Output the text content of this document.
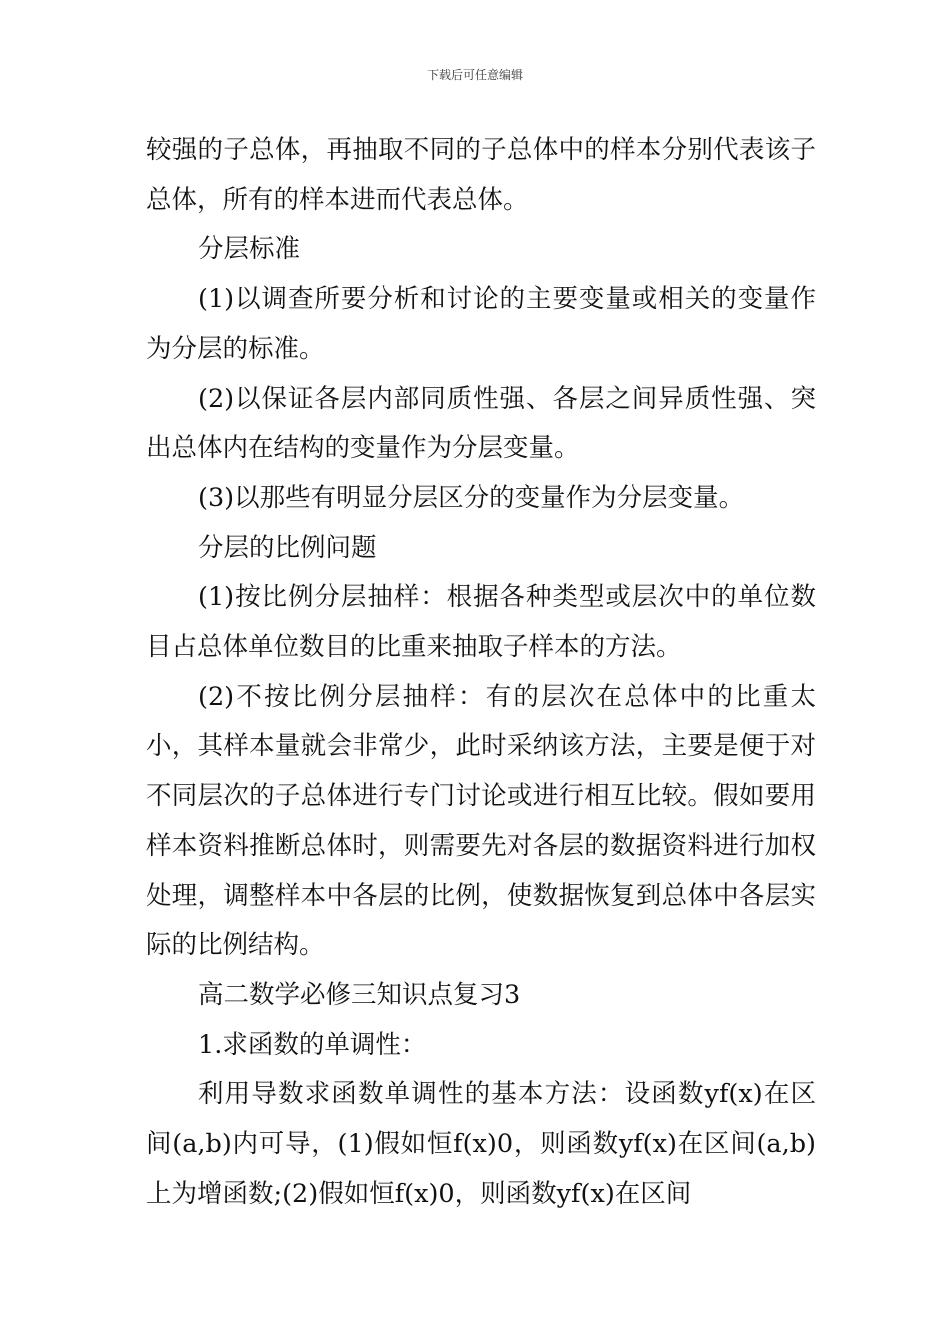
下载后可任意编辑

较强的子总体，再抽取不同的子总体中的样本分别代表该子总体，所有的样本进而代表总体。

分层标准

(1)以调查所要分析和讨论的主要变量或相关的变量作为分层的标准。

(2)以保证各层内部同质性强、各层之间异质性强、突出总体内在结构的变量作为分层变量。

(3)以那些有明显分层区分的变量作为分层变量。

分层的比例问题

(1)按比例分层抽样：根据各种类型或层次中的单位数目占总体单位数目的比重来抽取子样本的方法。

(2)不按比例分层抽样：有的层次在总体中的比重太小，其样本量就会非常少，此时采纳该方法，主要是便于对不同层次的子总体进行专门讨论或进行相互比较。假如要用样本资料推断总体时，则需要先对各层的数据资料进行加权处理，调整样本中各层的比例，使数据恢复到总体中各层实际的比例结构。

高二数学必修三知识点复习3

1.求函数的单调性：

利用导数求函数单调性的基本方法：设函数yf(x)在区间(a,b)内可导，(1)假如恒f(x)0，则函数yf(x)在区间(a,b)上为增函数;(2)假如恒f(x)0，则函数yf(x)在区间
